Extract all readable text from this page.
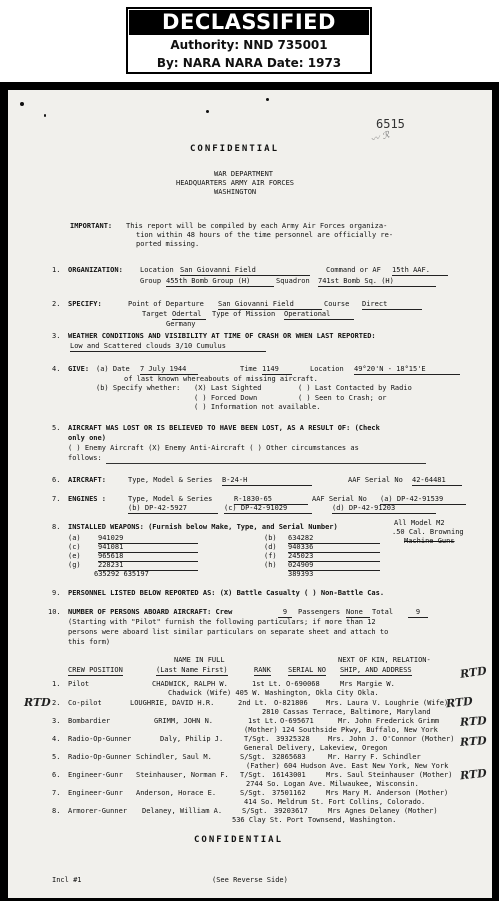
DECLASSIFIED
Authority: NND 735001
By: NARA NARA Date: 1973
6515
〰 ℛ
CONFIDENTIAL
WAR DEPARTMENT
HEADQUARTERS ARMY AIR FORCES
WASHINGTON
IMPORTANT: This report will be compiled by each Army Air Forces organiza-
tion within 48 hours of the time personnel are officially re-
ported missing.
1. ORGANIZATION: Location San Giovanni Field	Command or AF 15th AAF.
Group 455th Bomb Group (H)	Squadron 741st Bomb Sq. (H)
2. SPECIFY:	Point of Departure San Giovanni Field	Course Direct
Target Odertal	Type of Mission Operational
Germany
3. WEATHER CONDITIONS AND VISIBILITY AT TIME OF CRASH OR WHEN LAST REPORTED:
Low and Scattered clouds 3/10 Cumulus
4. GIVE: (a) Date 7 July 1944	Time 1149	Location 49°20'N - 18°15'E
of last known whereabouts of missing aircraft.
(b) Specify whether: (X) Last Sighted	( ) Last Contacted by Radio
( ) Forced Down	( ) Seen to Crash; or
( ) Information not available.
5. AIRCRAFT WAS LOST OR IS BELIEVED TO HAVE BEEN LOST, AS A RESULT OF: (Check
only one)
( ) Enemy Aircraft (X) Enemy Anti-Aircraft ( ) Other circumstances as
follows:
6. AIRCRAFT:	Type, Model & Series B-24-H	AAF Serial No 42-64481
7. ENGINES :	Type, Model & Series	R-1830-65	AAF Serial No (a) DP-42-91539
(b) DP-42-5927	(c) DP-42-91029	(d) DP-42-91203
8. INSTALLED WEAPONS: (Furnish below Make, Type, and Serial Number)	All Model M2
.50 Cal. Browning
Machine Guns
(a) 941029
(c) 941081
(e) 965618
(g) 228231
635292 635197
(b) 634282
(d) 940336
(f) 245023
(h) 024909
389393
9. PERSONNEL LISTED BELOW REPORTED AS: (X) Battle Casualty ( ) Non-Battle Cas.
10. NUMBER OF PERSONS ABOARD AIRCRAFT: Crew	9	Passengers None	Total	9
(Starting with "Pilot" furnish the following particulars; if more than 12
persons were aboard list similar particulars on separate sheet and attach to
this form)
NAME IN FULL	NEXT OF KIN, RELATION-
CREW POSITION	(Last Name First)	RANK SERIAL NO SHIP, AND ADDRESS
1. Pilot	CHADWICK, RALPH W.	1st Lt. O-690068	Mrs Margie W.
Chadwick (Wife) 405 W. Washington, Okla City Okla.
2. Co-pilot	LOUGHRIE, DAVID H.R.	2nd Lt. O-821806	Mrs. Laura V. Loughrie (Wife)
2810 Cassas Terrace, Baltimore, Maryland
3. Bombardier	GRIMM, JOHN N.	1st Lt. O-695671	Mr. John Frederick Grimm
(Mother) 124 Southside Pkwy, Buffalo, New York
4. Radio-Op-Gunner	Daly, Philip J.	T/Sgt. 39325328	Mrs. John J. O'Connor (Mother)
General Delivery, Lakeview, Oregon
5. Radio-Op-Gunner Schindler, Saul M.	S/Sgt. 32865683	Mr. Harry F. Schindler
(Father) 604 Hudson Ave. East New York, New York
6. Engineer-Gunr Steinhauser, Norman F. T/Sgt. 16143001	Mrs. Saul Steinhauser (Mother)
2744 So. Logan Ave. Milwaukee, Wisconsin.
7. Engineer-Gunr Anderson, Horace E.	S/Sgt. 37501162	Mrs Mary M. Anderson (Mother)
414 So. Meldrum St. Fort Collins, Colorado.
8. Armorer-Gunner Delaney, William A.	S/Sgt. 39203617	Mrs Agnes Delaney (Mother)
536 Clay St. Port Townsend, Washington.
RTD
RTD	RTD
RTD
RTD
RTD
CONFIDENTIAL
Incl #1	(See Reverse Side)
